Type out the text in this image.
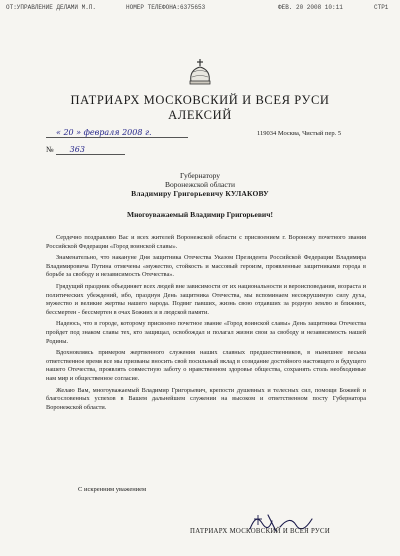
ОТ:УПРАВЛЕНИЕ ДЕЛАМИ М.П.	НОМЕР ТЕЛЕФОНА:6375653	ФЕВ. 20 2008 10:11	СТР1
ПАТРИАРХ МОСКОВСКИЙ И ВСЕЯ РУСИ
АЛЕКСИЙ
« 20 » февраля 2008 г.	119034 Москва, Чистый пер. 5
№ 363
Губернатору
Воронежской области
Владимиру Григорьевичу КУЛАКОВУ
Многоуважаемый Владимир Григорьевич!

Сердечно поздравляю Вас и всех жителей Воронежской области с присвоением г. Воронежу почетного звания Российской Федерации «Город воинской славы».

Знаменательно, что накануне Дня защитника Отечества Указом Президента Российской Федерации Владимира Владимировича Путина отмечены «мужество, стойкость и массовый героизм, проявленные защитниками города в борьбе за свободу и независимость Отечества».

Грядущий праздник объединяет всех людей вне зависимости от их национальности и вероисповедания, возраста и политических убеждений, ибо, празднуя День защитника Отечества, мы вспоминаем несокрушимую силу духа, мужество и великие жертвы нашего народа. Подвиг павших, жизнь свою отдавших за родную землю и ближних, бессмертен - бессмертен в очах Божиих и в людской памяти.

Надеюсь, что в городе, которому присвоено почетное звание «Город воинской славы» День защитника Отечества пройдет под знаком славы тех, кто защищал, освобождал и полагал жизни свои за свободу и независимость нашей Родины.

Вдохновляясь примером жертвенного служения наших славных предшественников, в нынешнее весьма ответственное время все мы призваны вносить свой посильный вклад в созидание достойного настоящего и будущего нашего Отечества, проявлять совместную заботу о нравственном здоровье общества, сохранять столь необходимые нам мир и общественное согласие.

Желаю Вам, многоуважаемый Владимир Григорьевич, крепости душевных и телесных сил, помощи Божией и благословенных успехов в Вашем дальнейшем служении на высоком и ответственном посту Губернатора Воронежской области.

С искренним уважением
ПАТРИАРХ МОСКОВСКИЙ И ВСЕЯ РУСИ
